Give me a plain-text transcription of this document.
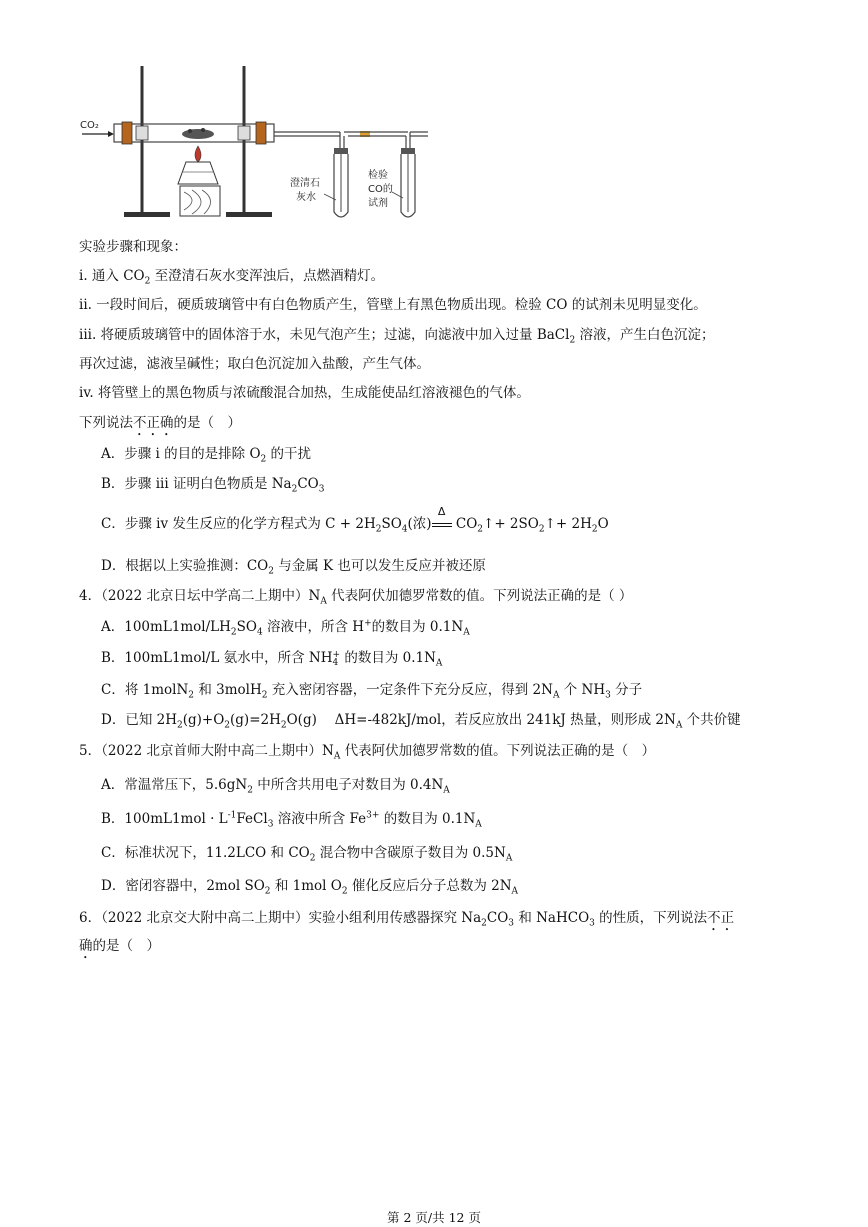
CO₂
澄清石
灰水
检验
CO的
试剂
实验步骤和现象：
i. 通入 $CO_2$ 至澄清石灰水变浑浊后，点燃酒精灯。
ii. 一段时间后，硬质玻璃管中有白色物质产生，管壁上有黑色物质出现。检验 CO 的试剂未见明显变化。
iii. 将硬质玻璃管中的固体溶于水，未见气泡产生；过滤，向滤液中加入过量 BaCl$_2$ 溶液，产生白色沉淀；
再次过滤，滤液呈碱性；取白色沉淀加入盐酸，产生气体。
iv. 将管壁上的黑色物质与浓硫酸混合加热，生成能使品红溶液褪色的气体。
下列说法不正确的是（　）
A．步骤 i 的目的是排除 $O_2$ 的干扰
B．步骤 iii 证明白色物质是 $Na_2CO_3$
C．步骤 iv 发生反应的化学方程式为 $C + 2H_2SO_4$(浓)
Δ
$CO_2↑+$ $2SO_2↑+ 2H_2O$
D．根据以上实验推测：$CO_2$ 与金属 K 也可以发生反应并被还原
4．（2022 北京日坛中学高二上期中）$N_A$ 代表阿伏加德罗常数的值。下列说法正确的是（ ）
A．$100mL1mol/LH_2SO_4$ 溶液中，所含 H+的数目为 $0.1N_A$
B．100mL1mol/L 氨水中，所含 NH+
4 的数目为 $0.1N_A$
C．将 1molN$_2$ 和 3molH$_2$ 充入密闭容器，一定条件下充分反应，得到 $2N_A$ 个 $NH_3$ 分子
D．已知 $2H_2(g)+O_2(g)=2H_2O(g)$　 ΔH=-482kJ/mol，若反应放出 241kJ 热量，则形成 $2N_A$ 个共价键
5．（2022 北京首师大附中高二上期中）$N_A$ 代表阿伏加德罗常数的值。下列说法正确的是（　）
A．常温常压下，$5.6gN_2$ 中所含共用电子对数目为 $0.4N_A$
B．$100mL1mol \cdot L^{-1}FeCl_3$ 溶液中所含 $Fe^{3+}$ 的数目为 $0.1N_A$
C．标准状况下，11.2LCO 和 $CO_2$ 混合物中含碳原子数目为 $0.5N_A$
D．密闭容器中，2mol $SO_2$ 和 1mol $O_2$ 催化反应后分子总数为 $2N_A$
6．（2022 北京交大附中高二上期中）实验小组利用传感器探究 $Na_2CO_3$ 和 NaHCO$_3$ 的性质，下列说法不正
确的是（　）
第 2 页/共 12 页
